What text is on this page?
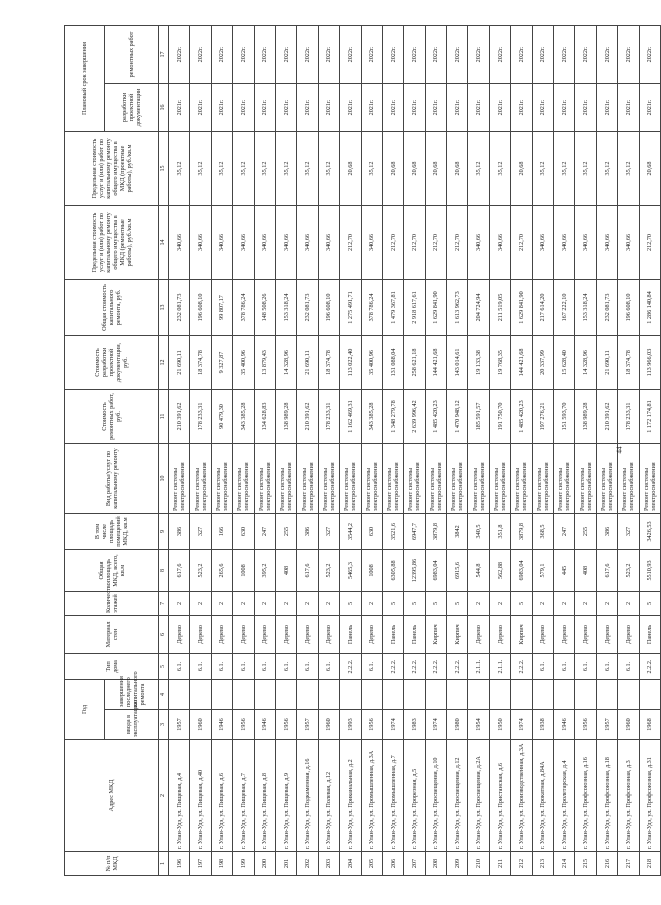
№ п/п МКД	Адрес МКД	Год		Тип дома	Материал стен	Количество этажей	Общая площадь МКД, всего, кв.м	В том числе площадь помещений МКД, кв.м	Вид работы/услуг по капитальному ремонту	Стоимость ремонтных работ, руб.	Стоимость разработки проектной документации, руб.	Общая стоимость капитального ремонта, руб.	Предельная стоимость услуг и (или) работ по капитальному ремонту общего имущества в МКД (ремонтные работы), руб./кв.м	Предельная стоимость услуг и (или) работ по капитальному ремонту общего имущества в МКД (проектные работы), руб./кв.м	Плановый срок завершения	
		ввода в эксплуатацию	завершения последнего капитального ремонта												разработки проектной документации	ремонтных работ
1	2	3	4	5	6	7	8	9	10	11	12	13	14	15	16	17
196	г. Улан-Удэ, ул. Пищевая, д.4	1957		6.1.	Дерево	2	617,6	386	Ремонт системы электроснабжения	210 391,62	21 690,11	232 081,73	340,66	35,12	2021г.	2022г.
197	г. Улан-Удэ, ул. Пищевая, д.40	1960		6.1.	Дерево	2	523,2	327	Ремонт системы электроснабжения	178 233,31	18 374,78	196 608,10	340,66	35,12	2021г.	2022г.
198	г. Улан-Удэ, ул. Пищевая, д.6	1946		6.1.	Дерево	2	265,6	166	Ремонт системы электроснабжения	90 479,30	9 327,87	99 807,17	340,66	35,12	2021г.	2022г.
199	г. Улан-Удэ, ул. Пищевая, д.7	1956		6.1.	Дерево	2	1008	630	Ремонт системы электроснабжения	343 385,28	35 400,96	378 786,24	340,66	35,12	2021г.	2022г.
200	г. Улан-Удэ, ул. Пищевая, д.8	1946		6.1.	Дерево	2	395,2	247	Ремонт системы электроснабжения	134 628,83	13 879,43	148 508,26	340,66	35,12	2021г.	2022г.
201	г. Улан-Удэ, ул. Пищевая, д.9	1956		6.1.	Дерево	2	408	255	Ремонт системы электроснабжения	138 989,28	14 328,96	153 318,24	340,66	35,12	2021г.	2022г.
202	г. Улан-Удэ, ул. Подкаменная, д.16	1957		6.1.	Дерево	2	617,6	386	Ремонт системы электроснабжения	210 391,62	21 690,11	232 081,73	340,66	35,12	2021г.	2022г.
203	г. Улан-Удэ, ул. Полевая, д.12	1960		6.1.	Дерево	2	523,2	327	Ремонт системы электроснабжения	178 233,31	18 374,78	196 608,10	340,66	35,12	2021г.	2022г.
204	г. Улан-Удэ, ул. Приканальная, д.2	1993		2.2.2.	Панель	5	5465,3	3544,2	Ремонт системы электроснабжения	1 162 469,31	113 022,40	1 275 491,71	212,70	20,68	2021г.	2022г.
205	г. Улан-Удэ, ул. Промышленная, д.3А	1956		6.1.	Дерево	2	1008	630	Ремонт системы электроснабжения	343 385,28	35 400,96	378 786,24	340,66	35,12	2021г.	2022г.
206	г. Улан-Удэ, ул. Промышленная, д.7	1974		2.2.2.	Панель	5	6305,88	3521,6	Ремонт системы электроснабжения	1 348 279,78	131 088,04	1 479 367,81	212,70	20,68	2021г.	2022г.
207	г. Улан-Удэ, ул. Прорезная, д.5	1983		2.2.2.	Панель	5	12395,86	6947,7	Ремонт системы электроснабжения	2 639 996,42	258 621,18	2 918 617,61	212,70	20,68	2021г.	2022г.
208	г. Улан-Удэ, ул. Просвещения, д.10	1974		2.2.2.	Кирпич	5	6983,04	3879,8	Ремонт системы электроснабжения	1 485 420,23	144 421,68	1 629 841,90	212,70	20,68	2021г.	2022г.
209	г. Улан-Удэ, ул. Просвещения, д.12	1980		2.2.2.	Кирпич	5	6915,6	3842	Ремонт системы электроснабжения	1 470 948,12	143 014,61	1 613 962,73	212,70	20,68	2021г.	2022г.
210	г. Улан-Удэ, ул. Просвещения, д.2А	1954		2.1.1.	Дерево	2	544,8	340,5	Ремонт системы электроснабжения	185 591,57	19 133,38	204 724,94	340,66	35,12	2021г.	2022г.
211	г. Улан-Удэ, ул. Пристанская, д.6	1950		2.1.1.	Дерево	2	562,88	351,8	Ремонт системы электроснабжения	191 750,70	19 768,35	211 519,05	340,66	35,12	2021г.	2022г.
212	г. Улан-Удэ, ул. Производственная, д.3А	1974		2.2.2.	Кирпич	5	6983,04	3879,8	Ремонт системы электроснабжения	1 485 420,23	144 421,68	1 629 841,90	212,70	20,68	2021г.	2022г.
213	г. Улан-Удэ, ул. Прокатная, д.84А	1938		6.1.	Дерево	2	579,1	368,5	Ремонт системы электроснабжения	197 276,21	20 337,99	217 614,20	340,66	35,12	2021г.	2022г.
214	г. Улан-Удэ, ул. Пролетарская, д.4	1946		6.1.	Дерево	2	445	247	Ремонт системы электроснабжения	151 593,70	15 628,40	167 222,10	340,66	35,12	2021г.	2022г.
215	г. Улан-Удэ, ул. Профсоюзная, д.16	1956		6.1.	Дерево	2	408	255	Ремонт системы электроснабжения	138 989,28	14 328,96	153 318,24	340,66	35,12	2021г.	2022г.
216	г. Улан-Удэ, ул. Профсоюзная, д.18	1957		6.1.	Дерево	2	617,6	386	Ремонт системы электроснабжения	210 391,62	21 690,11	232 081,73	340,66	35,12	2021г.	2022г.
217	г. Улан-Удэ, ул. Профсоюзная, д.3	1960		6.1.	Дерево	2	523,2	327	Ремонт системы электроснабжения	178 233,31	18 374,78	196 608,10	340,66	35,12	2021г.	2022г.
218	г. Улан-Удэ, ул. Профсоюзная, д.31	1968		2.2.2.	Панель	5	5510,93	3426,53	Ремонт системы электроснабжения	1 172 174,81	113 966,03	1 286 140,84	212,70	20,68	2021г.	2022г.
44
